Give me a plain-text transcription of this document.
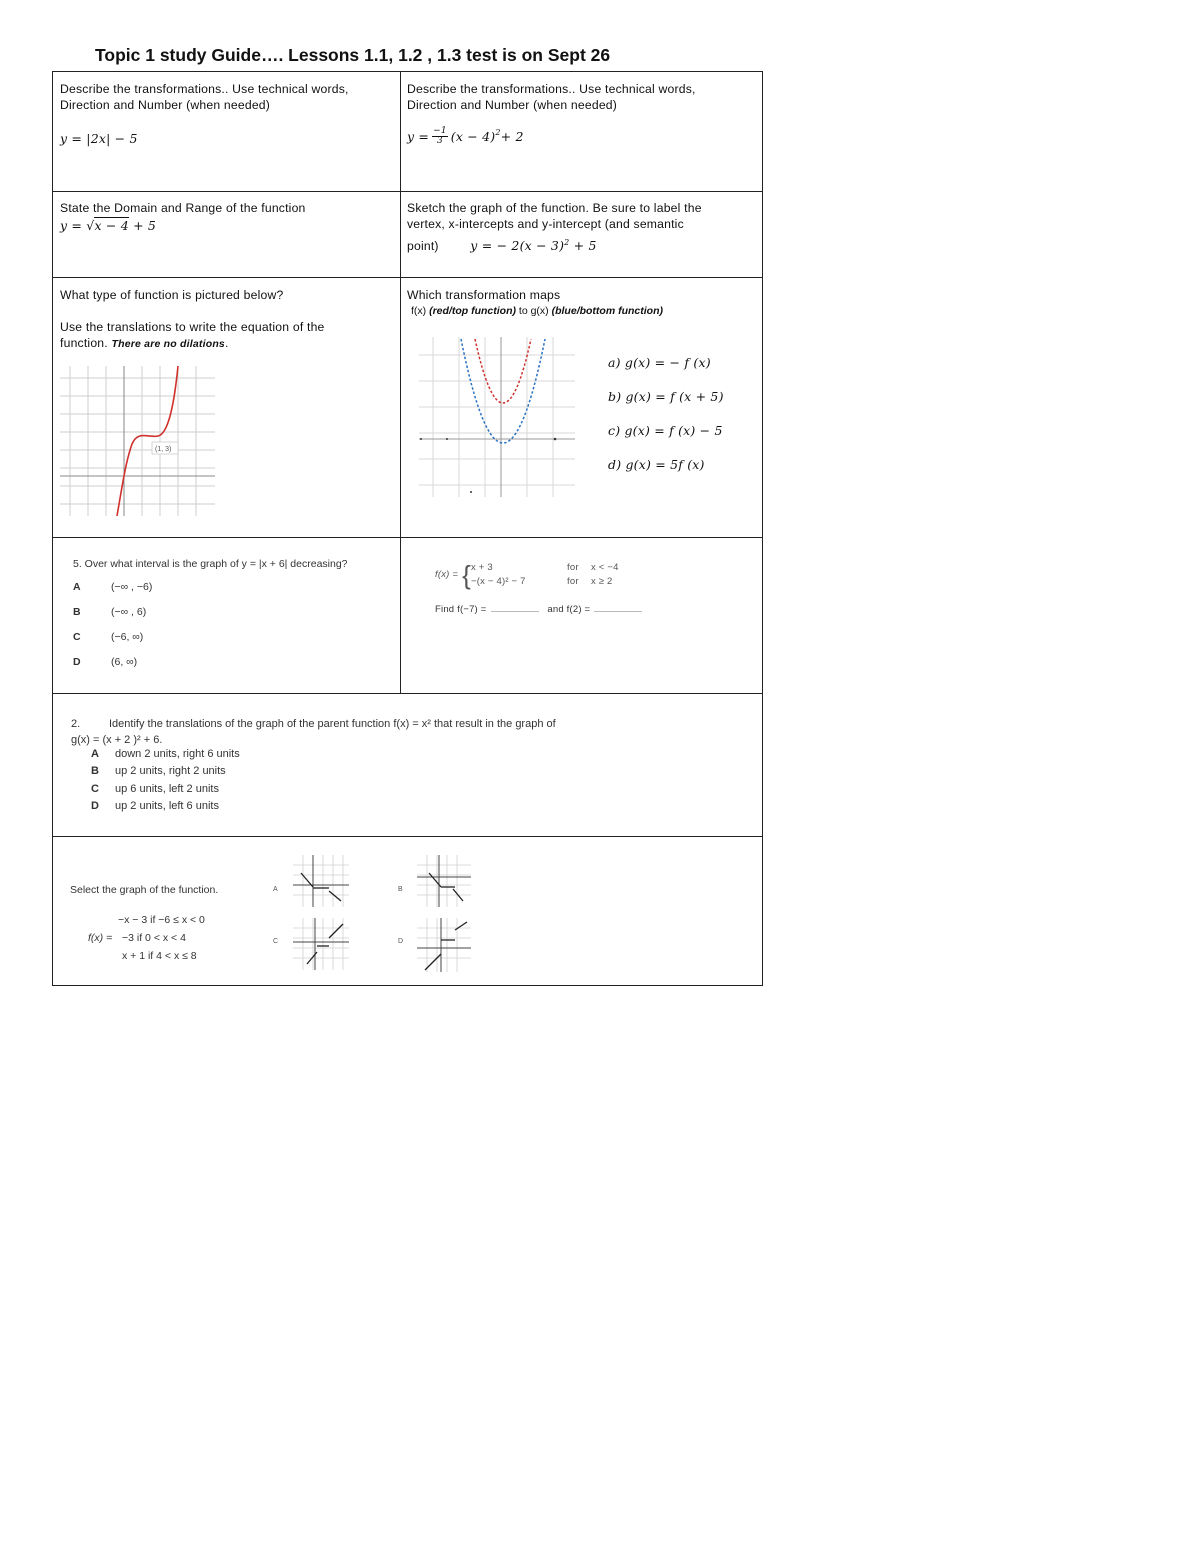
Topic 1 study Guide…. Lessons 1.1, 1.2 , 1.3 test is on Sept 26
Describe the transformations.. Use technical words,
Direction and Number (when needed)
y = |2x| − 5
Describe the transformations.. Use technical words,
Direction and Number (when needed)
$y = \frac{-1}{3} (x - 4)^2 + 2$
State the Domain and Range of the function
y = √x − 4 + 5
Sketch the graph of the function. Be sure to label the
vertex, x-intercepts and y-intercept (and semantic
point)	y = − $2(x - 3)^2 + 5$
What type of function is pictured below?
Use the translations to write the equation of the
function. There are no dilations.
(1, 3)
Which transformation maps
f(x) (red/top function) to g(x) (blue/bottom function)
a) g(x) = − f (x)
b) g(x) = f (x + 5)
c) g(x) = f (x) − 5
d) g(x) = 5f (x)
5. Over what interval is the graph of y = |x + 6| decreasing?
A	(−∞ , −6)
B	(−∞ , 6)
C	(−6, ∞)
D	(6, ∞)
f(x) = { x + 3	for	x < −4
−(x − 4)² − 7	for	x ≥ 2
Find f(−7) =	and f(2) =
2.	Identify the translations of the graph of the parent function f(x) = x² that result in the graph of
g(x) = (x + 2 )² + 6.
A down 2 units, right 6 units
B up 2 units, right 2 units
C up 6 units, left 2 units
D up 2 units, left 6 units
Select the graph of the function.
f(x) =
−x − 3 if −6 ≤ x < 0
−3 if 0 < x < 4
x + 1 if 4 < x ≤ 8
A	B
C	D
